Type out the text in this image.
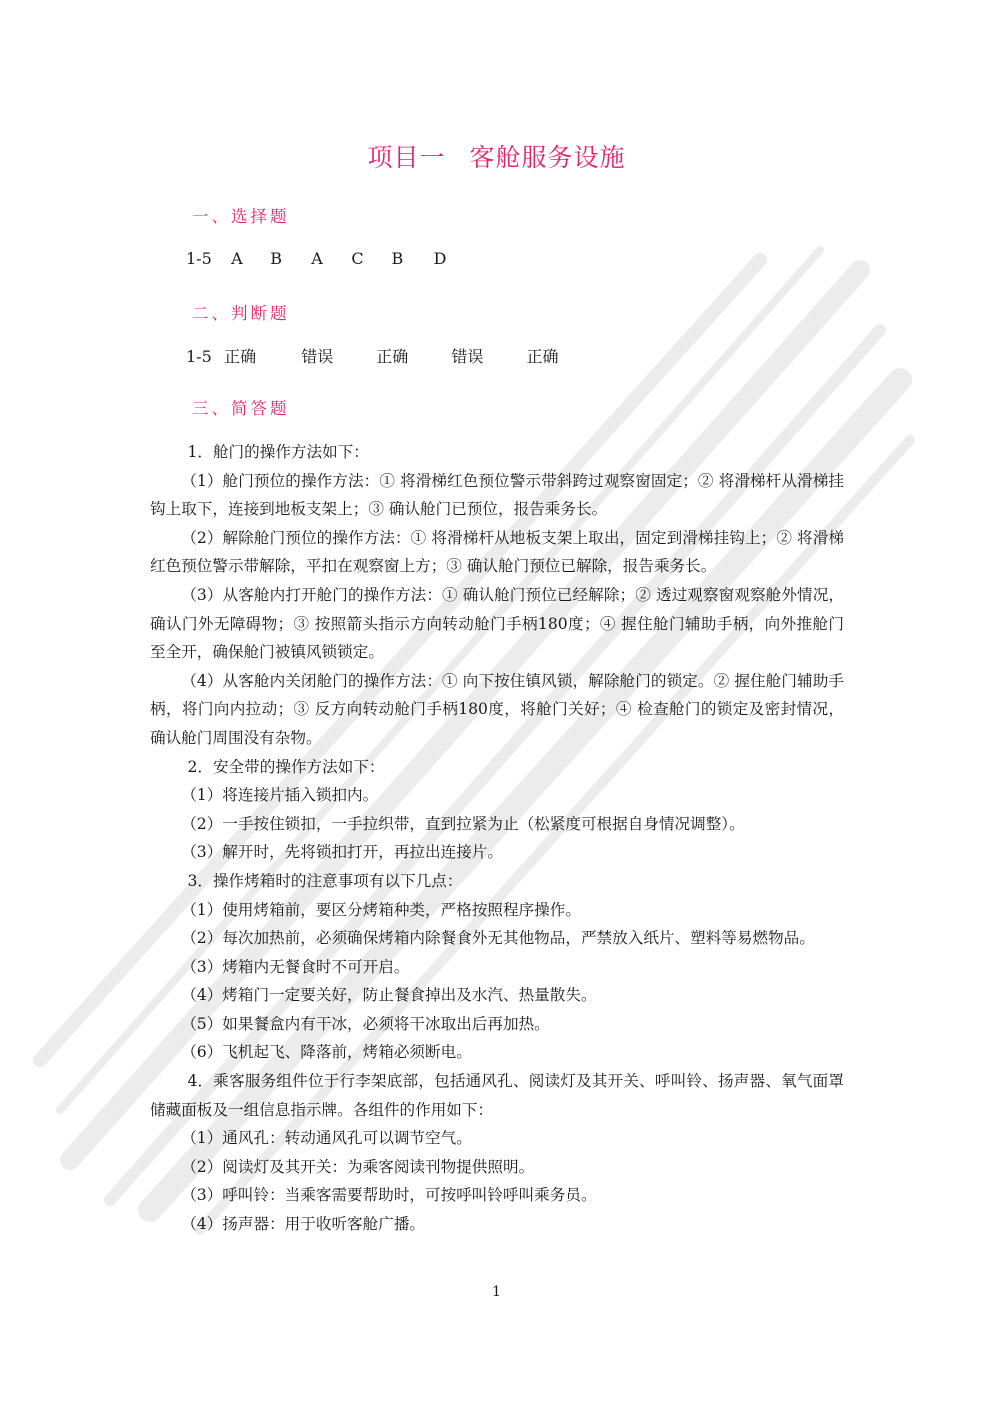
项目一 客舱服务设施
一、选择题
1-5 A B A C B D
二、判断题
1-5 正确	错误	正确	错误	正确
三、简答题

1．舱门的操作方法如下：

（1）舱门预位的操作方法：① 将滑梯红色预位警示带斜跨过观察窗固定；② 将滑梯杆从滑梯挂钩上取下，连接到地板支架上；③ 确认舱门已预位，报告乘务长。

（2）解除舱门预位的操作方法：① 将滑梯杆从地板支架上取出，固定到滑梯挂钩上；② 将滑梯红色预位警示带解除，平扣在观察窗上方；③ 确认舱门预位已解除，报告乘务长。

（3）从客舱内打开舱门的操作方法：① 确认舱门预位已经解除；② 透过观察窗观察舱外情况，确认门外无障碍物；③ 按照箭头指示方向转动舱门手柄180度；④ 握住舱门辅助手柄，向外推舱门至全开，确保舱门被镇风锁锁定。

（4）从客舱内关闭舱门的操作方法：① 向下按住镇风锁，解除舱门的锁定。② 握住舱门辅助手柄，将门向内拉动；③ 反方向转动舱门手柄180度，将舱门关好；④ 检查舱门的锁定及密封情况，确认舱门周围没有杂物。

2．安全带的操作方法如下：

（1）将连接片插入锁扣内。

（2）一手按住锁扣，一手拉织带，直到拉紧为止（松紧度可根据自身情况调整）。

（3）解开时，先将锁扣打开，再拉出连接片。

3．操作烤箱时的注意事项有以下几点：

（1）使用烤箱前，要区分烤箱种类，严格按照程序操作。

（2）每次加热前，必须确保烤箱内除餐食外无其他物品，严禁放入纸片、塑料等易燃物品。

（3）烤箱内无餐食时不可开启。

（4）烤箱门一定要关好，防止餐食掉出及水汽、热量散失。

（5）如果餐盒内有干冰，必须将干冰取出后再加热。

（6）飞机起飞、降落前，烤箱必须断电。

4．乘客服务组件位于行李架底部，包括通风孔、阅读灯及其开关、呼叫铃、扬声器、氧气面罩储藏面板及一组信息指示牌。各组件的作用如下：

（1）通风孔：转动通风孔可以调节空气。

（2）阅读灯及其开关：为乘客阅读刊物提供照明。

（3）呼叫铃：当乘客需要帮助时，可按呼叫铃呼叫乘务员。

（4）扬声器：用于收听客舱广播。

1
